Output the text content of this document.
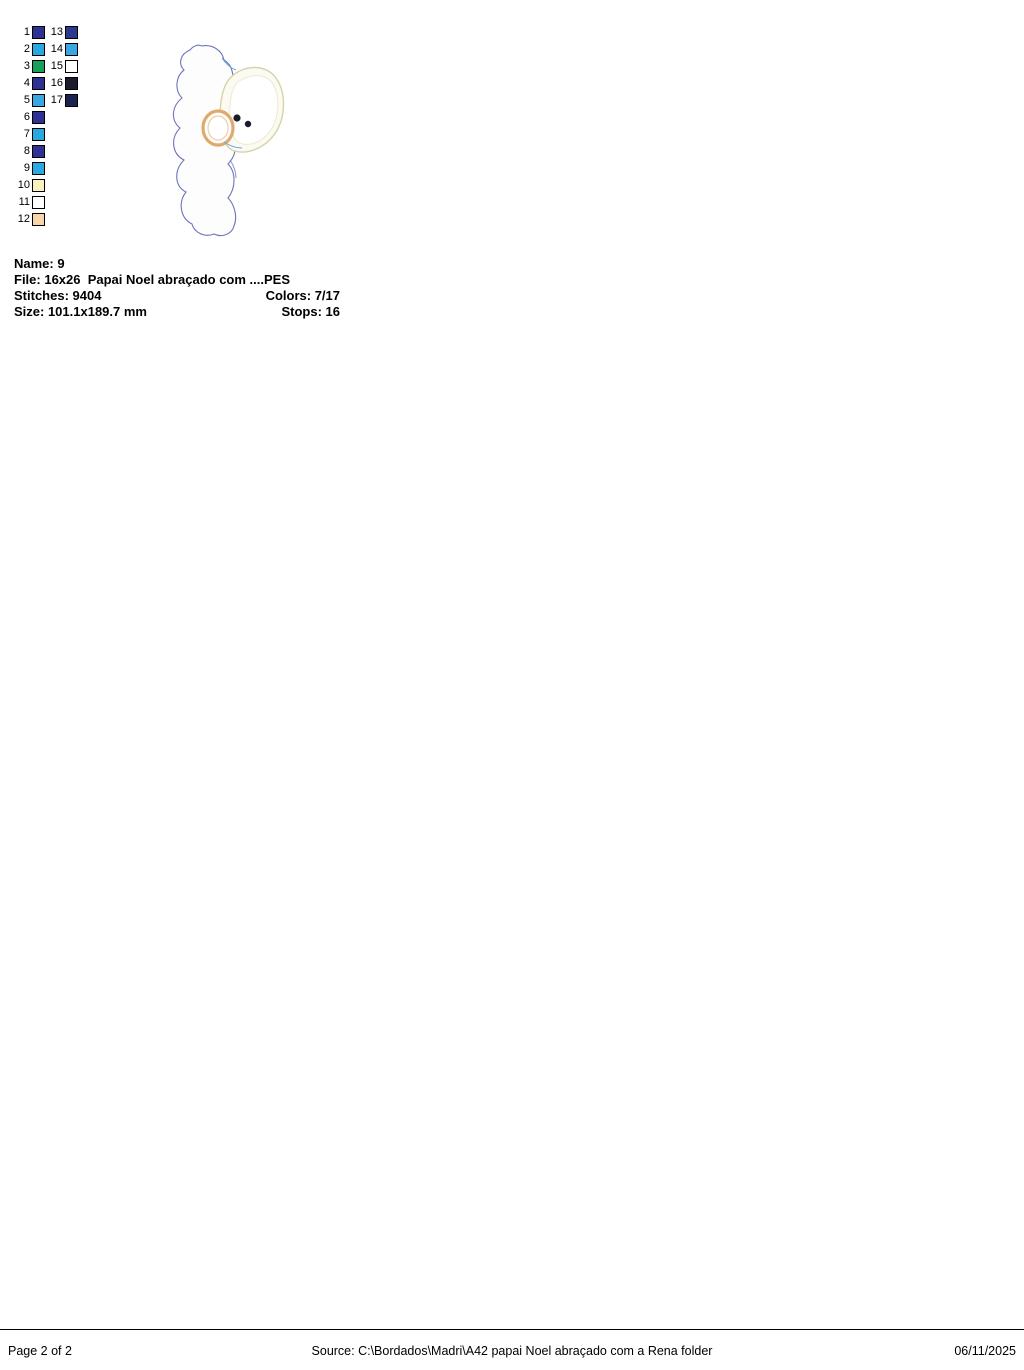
1
2
3
4
5
6
7
8
9
10
11
12
13
14
15
16
17
Name: 9
File: 16x26  Papai Noel abraçado com ....PES
Stitches: 9404	Colors: 7/17
Size: 101.1x189.7 mm	Stops: 16
Page 2 of 2	Source: C:\Bordados\Madri\A42 papai Noel abraçado com a Rena folder	06/11/2025
